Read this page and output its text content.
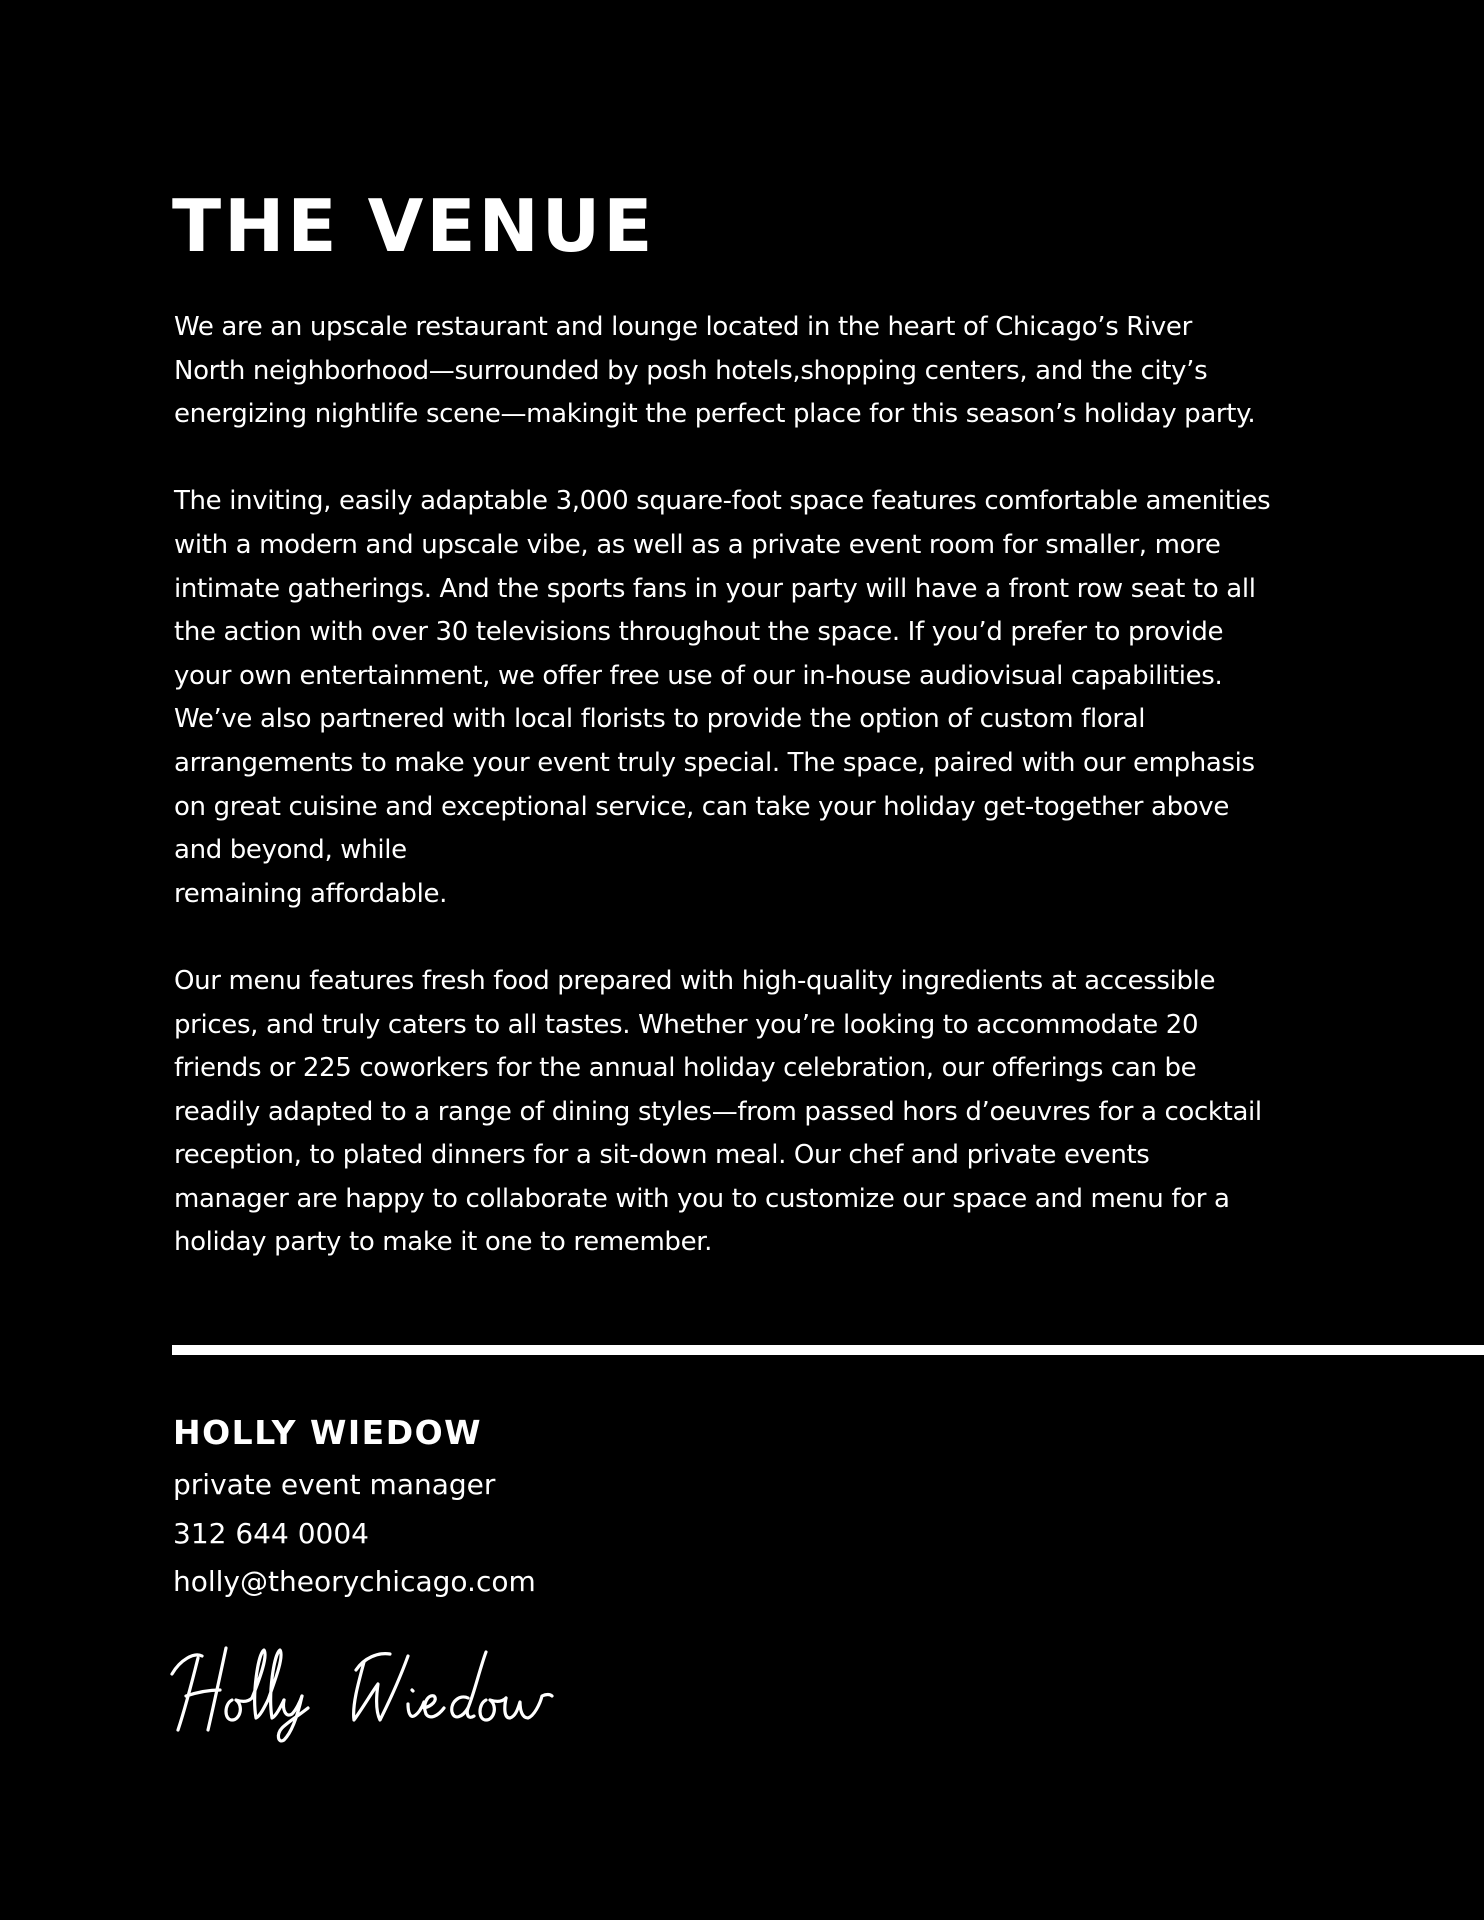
THE VENUE

We are an upscale restaurant and lounge located in the heart of Chicago’s River
North neighborhood—surrounded by posh hotels,shopping centers, and the city’s
energizing nightlife scene—makingit the perfect place for this season’s holiday party.

The inviting, easily adaptable 3,000 square-foot space features comfortable amenities
with a modern and upscale vibe, as well as a private event room for smaller, more
intimate gatherings. And the sports fans in your party will have a front row seat to all
the action with over 30 televisions throughout the space. If you’d prefer to provide
your own entertainment, we offer free use of our in-house audiovisual capabilities.
We’ve also partnered with local florists to provide the option of custom floral
arrangements to make your event truly special. The space, paired with our emphasis
on great cuisine and exceptional service, can take your holiday get-together above
and beyond, while
remaining affordable.

Our menu features fresh food prepared with high-quality ingredients at accessible
prices, and truly caters to all tastes. Whether you’re looking to accommodate 20
friends or 225 coworkers for the annual holiday celebration, our offerings can be
readily adapted to a range of dining styles—from passed hors d’oeuvres for a cocktail
reception, to plated dinners for a sit-down meal. Our chef and private events
manager are happy to collaborate with you to customize our space and menu for a
holiday party to make it one to remember.

HOLLY WIEDOW
private event manager
312 644 0004
holly@theorychicago.com
